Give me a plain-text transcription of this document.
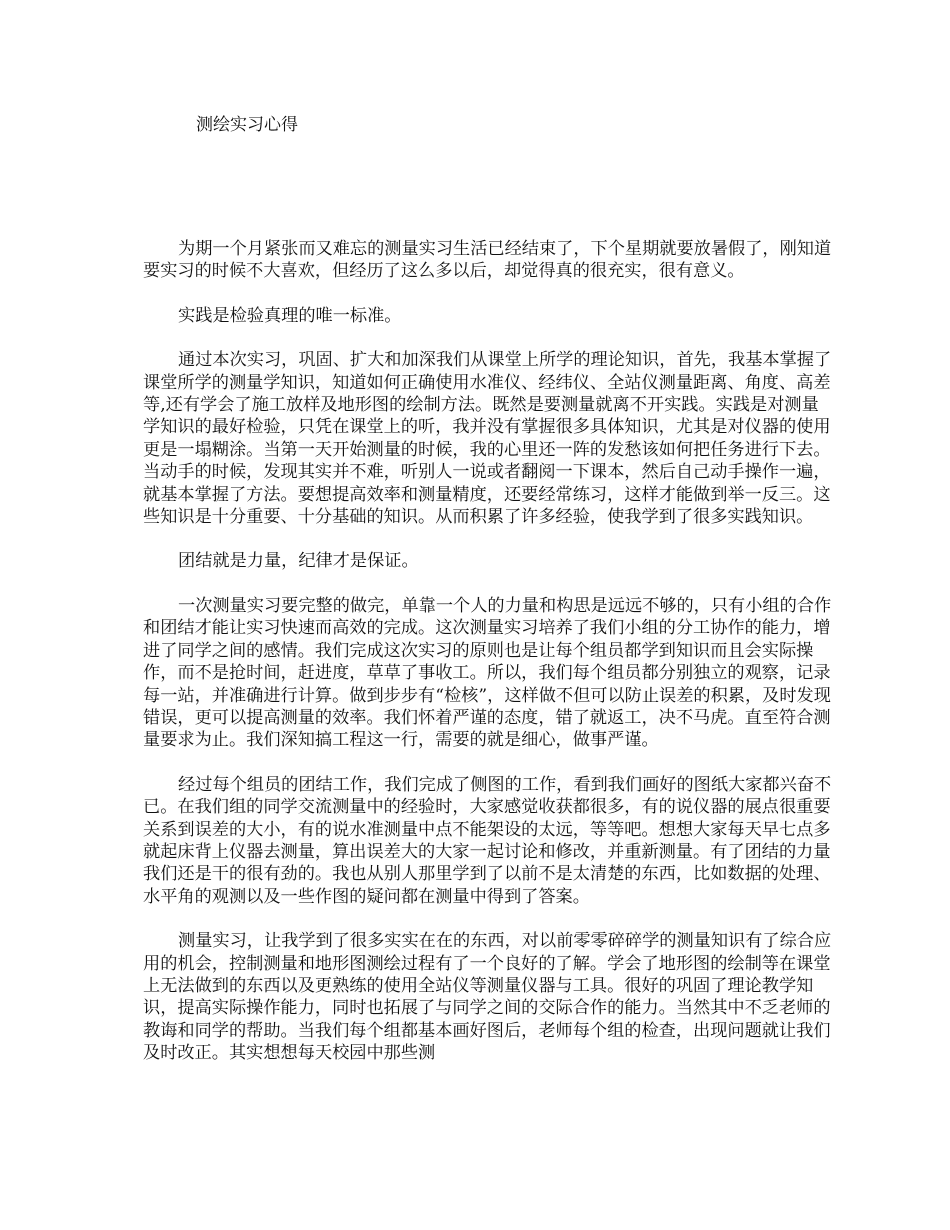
测绘实习心得

为期一个月紧张而又难忘的测量实习生活已经结束了，下个星期就要放暑假了，刚知道要实习的时候不大喜欢，但经历了这么多以后，却觉得真的很充实，很有意义。

实践是检验真理的唯一标准。

通过本次实习，巩固、扩大和加深我们从课堂上所学的理论知识，首先，我基本掌握了课堂所学的测量学知识，知道如何正确使用水准仪、经纬仪、全站仪测量距离、角度、高差等,还有学会了施工放样及地形图的绘制方法。既然是要测量就离不开实践。实践是对测量学知识的最好检验，只凭在课堂上的听，我并没有掌握很多具体知识，尤其是对仪器的使用更是一塌糊涂。当第一天开始测量的时候，我的心里还一阵的发愁该如何把任务进行下去。当动手的时候，发现其实并不难，听别人一说或者翻阅一下课本，然后自己动手操作一遍，就基本掌握了方法。要想提高效率和测量精度，还要经常练习，这样才能做到举一反三。这些知识是十分重要、十分基础的知识。从而积累了许多经验，使我学到了很多实践知识。

团结就是力量，纪律才是保证。

一次测量实习要完整的做完，单靠一个人的力量和构思是远远不够的，只有小组的合作和团结才能让实习快速而高效的完成。这次测量实习培养了我们小组的分工协作的能力，增进了同学之间的感情。我们完成这次实习的原则也是让每个组员都学到知识而且会实际操作，而不是抢时间，赶进度，草草了事收工。所以，我们每个组员都分别独立的观察，记录每一站，并准确进行计算。做到步步有“检核”，这样做不但可以防止误差的积累，及时发现错误，更可以提高测量的效率。我们怀着严谨的态度，错了就返工，决不马虎。直至符合测量要求为止。我们深知搞工程这一行，需要的就是细心，做事严谨。

经过每个组员的团结工作，我们完成了侧图的工作，看到我们画好的图纸大家都兴奋不已。在我们组的同学交流测量中的经验时，大家感觉收获都很多，有的说仪器的展点很重要关系到误差的大小，有的说水准测量中点不能架设的太远，等等吧。想想大家每天早七点多就起床背上仪器去测量，算出误差大的大家一起讨论和修改，并重新测量。有了团结的力量我们还是干的很有劲的。我也从别人那里学到了以前不是太清楚的东西，比如数据的处理、水平角的观测以及一些作图的疑问都在测量中得到了答案。

测量实习，让我学到了很多实实在在的东西，对以前零零碎碎学的测量知识有了综合应用的机会，控制测量和地形图测绘过程有了一个良好的了解。学会了地形图的绘制等在课堂上无法做到的东西以及更熟练的使用全站仪等测量仪器与工具。很好的巩固了理论教学知识，提高实际操作能力，同时也拓展了与同学之间的交际合作的能力。当然其中不乏老师的教诲和同学的帮助。当我们每个组都基本画好图后，老师每个组的检查，出现问题就让我们及时改正。其实想想每天校园中那些测
